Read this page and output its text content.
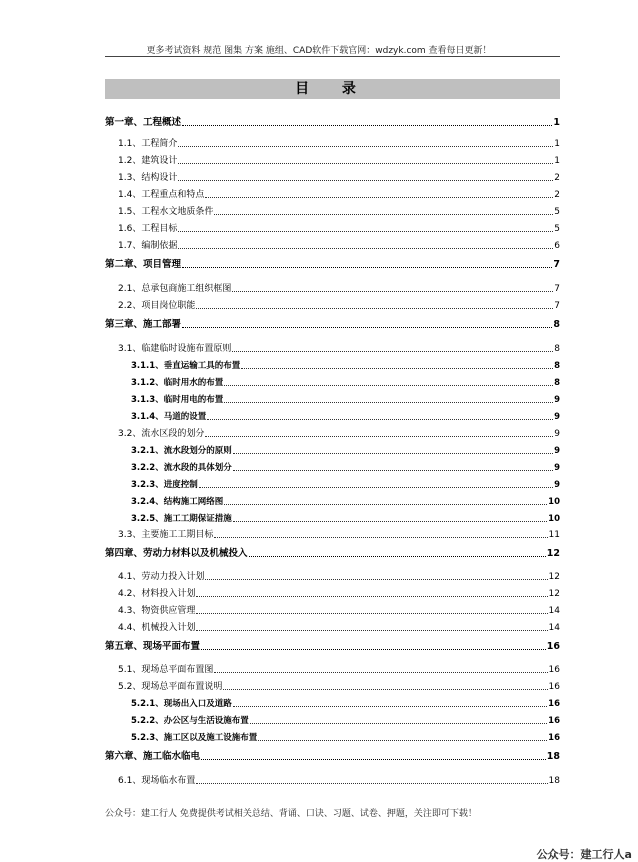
更多考试资料 规范 图集 方案 施组、CAD软件下载官网：wdzyk.com 查看每日更新！
目 录
第一章、工程概述	1
1.1、工程简介	1
1.2、建筑设计	1
1.3、结构设计	2
1.4、工程重点和特点	2
1.5、工程水文地质条件	5
1.6、工程目标	5
1.7、编制依据	6
第二章、项目管理	7
2.1、总承包商施工组织框图	7
2.2、项目岗位职能	7
第三章、施工部署	8
3.1、临建临时设施布置原则	8
3.1.1、垂直运输工具的布置	8
3.1.2、临时用水的布置	8
3.1.3、临时用电的布置	9
3.1.4、马道的设置	9
3.2、流水区段的划分	9
3.2.1、流水段划分的原则	9
3.2.2、流水段的具体划分	9
3.2.3、进度控制	9
3.2.4、结构施工网络图	10
3.2.5、施工工期保证措施	10
3.3、主要施工工期目标	11
第四章、劳动力材料以及机械投入	12
4.1、劳动力投入计划	12
4.2、材料投入计划	12
4.3、物资供应管理	14
4.4、机械投入计划	14
第五章、现场平面布置	16
5.1、现场总平面布置图	16
5.2、现场总平面布置说明	16
5.2.1、现场出入口及道路	16
5.2.2、办公区与生活设施布置	16
5.2.3、施工区以及施工设施布置	16
第六章、施工临水临电	18
6.1、现场临水布置	18
公众号：建工行人 免费提供考试相关总结、背诵、口诀、习题、试卷、押题，关注即可下载！
公众号：建工行人a
